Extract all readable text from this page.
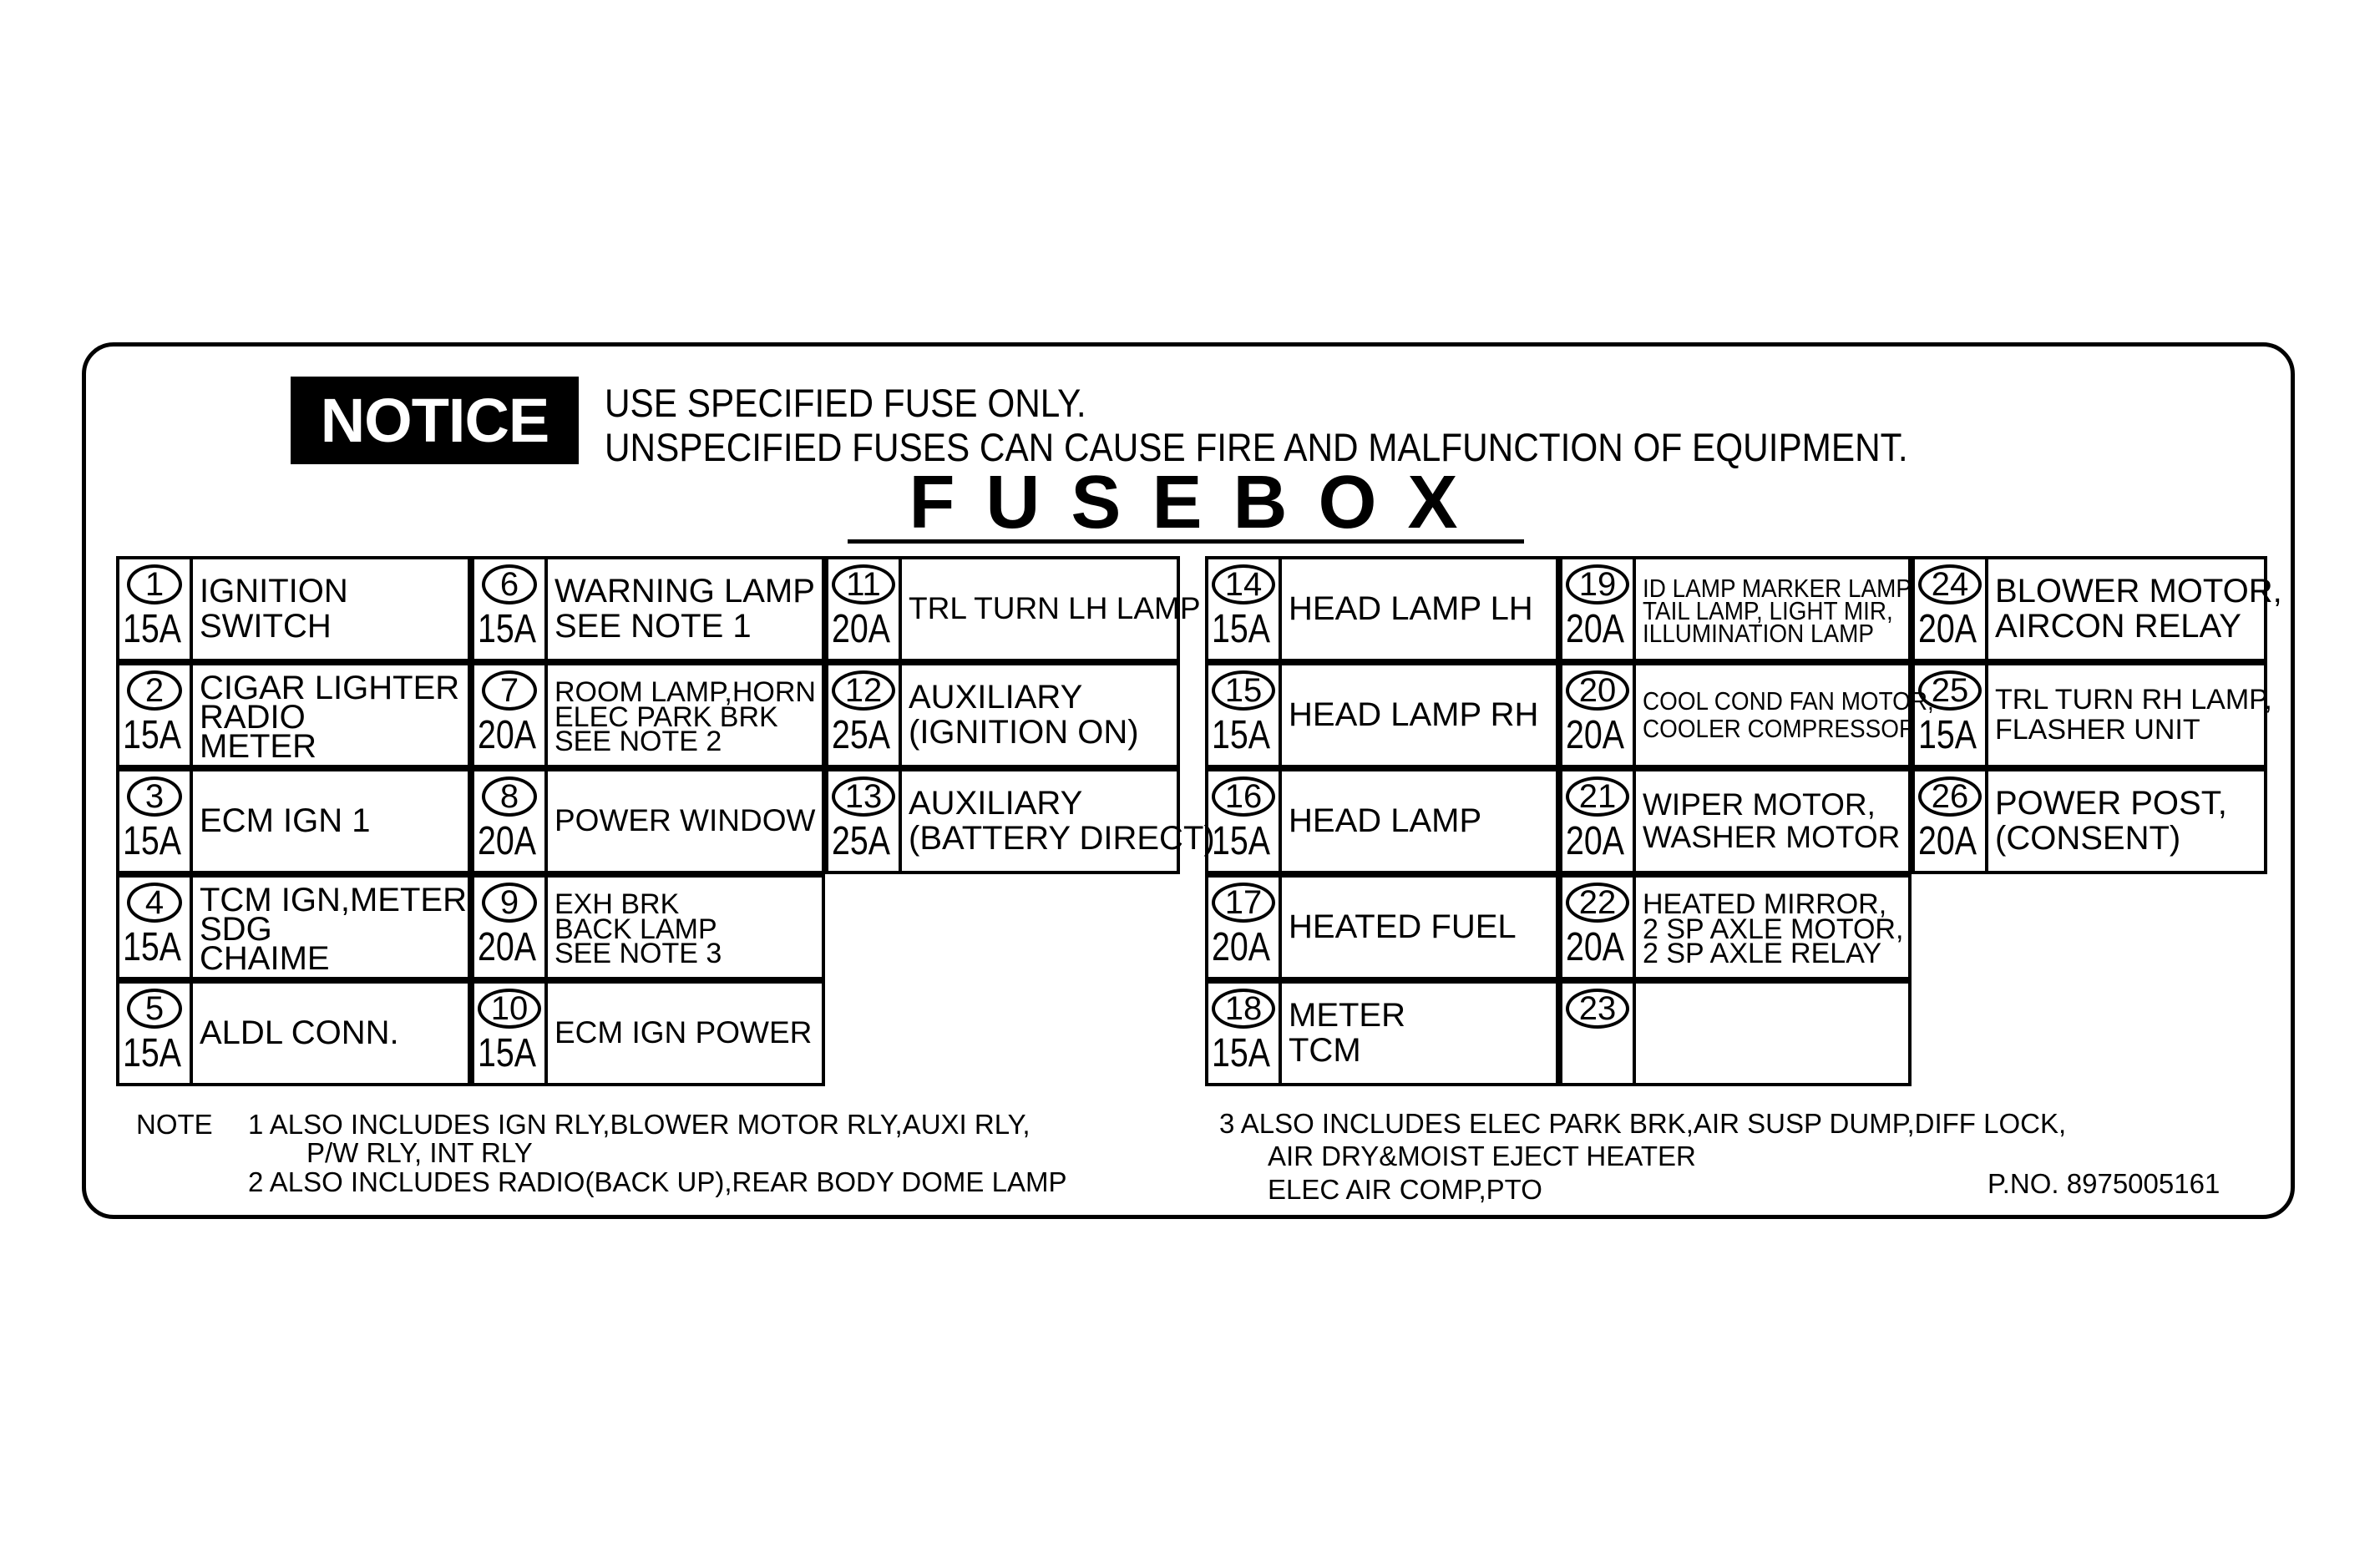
NOTICE	USE SPECIFIED FUSE ONLY.
UNSPECIFIED FUSES CAN CAUSE FIRE AND MALFUNCTION OF EQUIPMENT.
F U S E B O X
1
15A
IGNITION
SWITCH
2
15A
CIGAR LIGHTER
RADIO
METER
3
15A ECM IGN 1
4
15A
TCM IGN,METER
SDG
CHAIME
5
15A ALDL CONN.
6
15A
WARNING LAMP
SEE NOTE 1
7
20A
ROOM LAMP,HORN
ELEC PARK BRK
SEE NOTE 2
8
20A POWER WINDOW
9
20A
EXH BRK
BACK LAMP
SEE NOTE 3
10
15A ECM IGN POWER
11
20A TRL TURN LH LAMP
12
25A
AUXILIARY
(IGNITION ON)
13
25A
AUXILIARY
(BATTERY DIRECT)
14
15A HEAD LAMP LH
15
15A HEAD LAMP RH
16
15A HEAD LAMP
17
20A HEATED FUEL
18
15A
METER
TCM
19
20A
ID LAMP MARKER LAMP
TAIL LAMP, LIGHT MIR,
ILLUMINATION LAMP
20
20A
COOL COND FAN MOTOR,
COOLER COMPRESSOR
21
20A
WIPER MOTOR,
WASHER MOTOR
22
20A
HEATED MIRROR,
2 SP AXLE MOTOR,
2 SP AXLE RELAY
23
24
20A
BLOWER MOTOR,
AIRCON RELAY
25
15A
TRL TURN RH LAMP,
FLASHER UNIT
26
20A
POWER POST,
(CONSENT)
NOTE 1 ALSO INCLUDES IGN RLY,BLOWER MOTOR RLY,AUXI RLY,
P/W RLY, INT RLY
2 ALSO INCLUDES RADIO(BACK UP),REAR BODY DOME LAMP
3 ALSO INCLUDES ELEC PARK BRK,AIR SUSP DUMP,DIFF LOCK,
AIR DRY&MOIST EJECT HEATER
ELEC AIR COMP,PTO	P.NO. 8975005161
